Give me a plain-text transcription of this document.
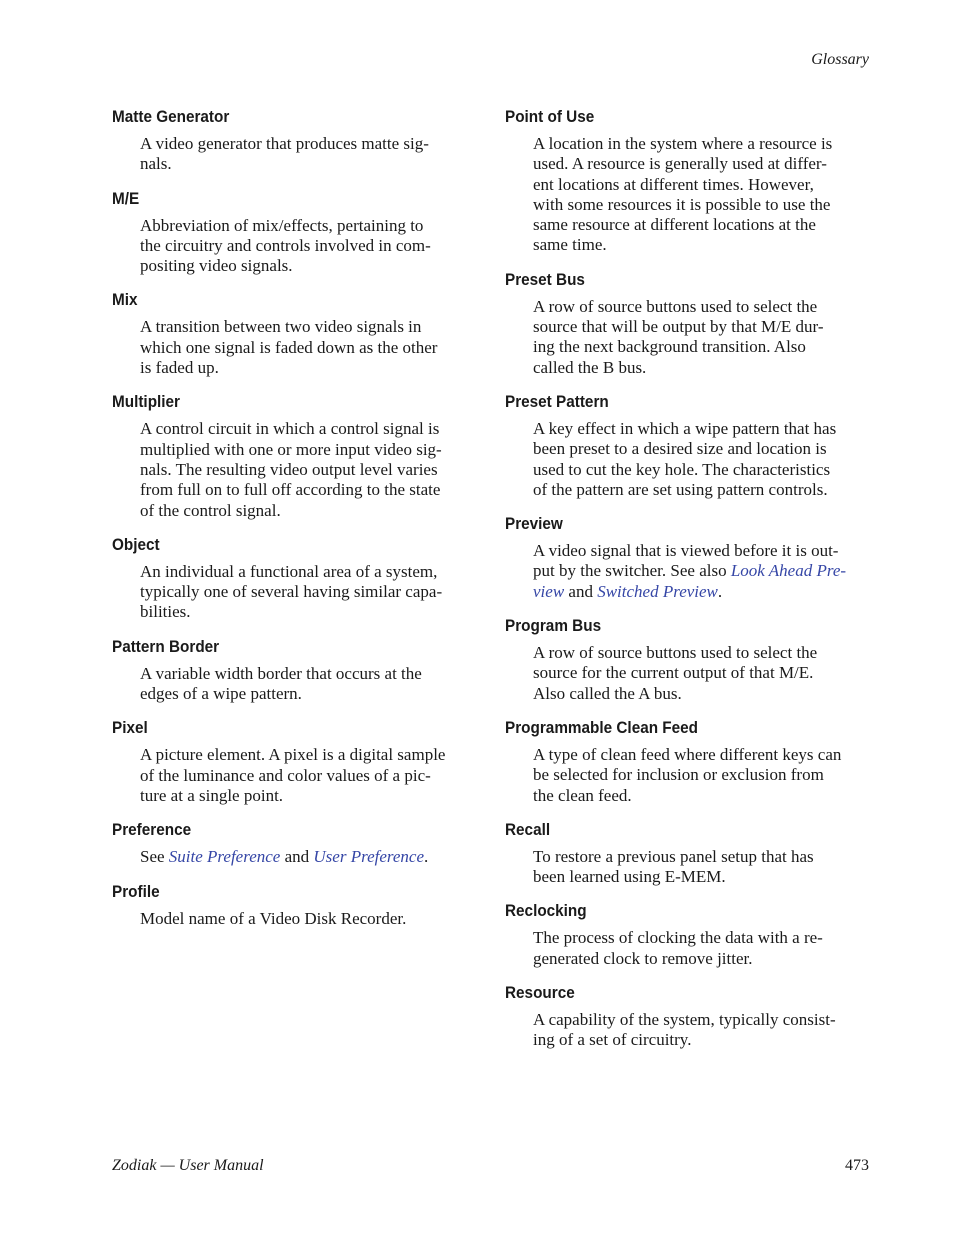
Glossary
Matte Generator
A video generator that produces matte sig-
nals.
M/E
Abbreviation of mix/effects, pertaining to
the circuitry and controls involved in com-
positing video signals.
Mix
A transition between two video signals in
which one signal is faded down as the other
is faded up.
Multiplier
A control circuit in which a control signal is
multiplied with one or more input video sig-
nals. The resulting video output level varies
from full on to full off according to the state
of the control signal.
Object
An individual a functional area of a system,
typically one of several having similar capa-
bilities.
Pattern Border
A variable width border that occurs at the
edges of a wipe pattern.
Pixel
A picture element. A pixel is a digital sample
of the luminance and color values of a pic-
ture at a single point.
Preference
See Suite Preference and User Preference.
Profile
Model name of a Video Disk Recorder.
Point of Use
A location in the system where a resource is
used. A resource is generally used at differ-
ent locations at different times. However,
with some resources it is possible to use the
same resource at different locations at the
same time.
Preset Bus
A row of source buttons used to select the
source that will be output by that M/E dur-
ing the next background transition. Also
called the B bus.
Preset Pattern
A key effect in which a wipe pattern that has
been preset to a desired size and location is
used to cut the key hole. The characteristics
of the pattern are set using pattern controls.
Preview
A video signal that is viewed before it is out-
put by the switcher. See also Look Ahead Pre-
view and Switched Preview.
Program Bus
A row of source buttons used to select the
source for the current output of that M/E.
Also called the A bus.
Programmable Clean Feed
A type of clean feed where different keys can
be selected for inclusion or exclusion from
the clean feed.
Recall
To restore a previous panel setup that has
been learned using E-MEM.
Reclocking
The process of clocking the data with a re-
generated clock to remove jitter.
Resource
A capability of the system, typically consist-
ing of a set of circuitry.
Zodiak — User Manual	473
